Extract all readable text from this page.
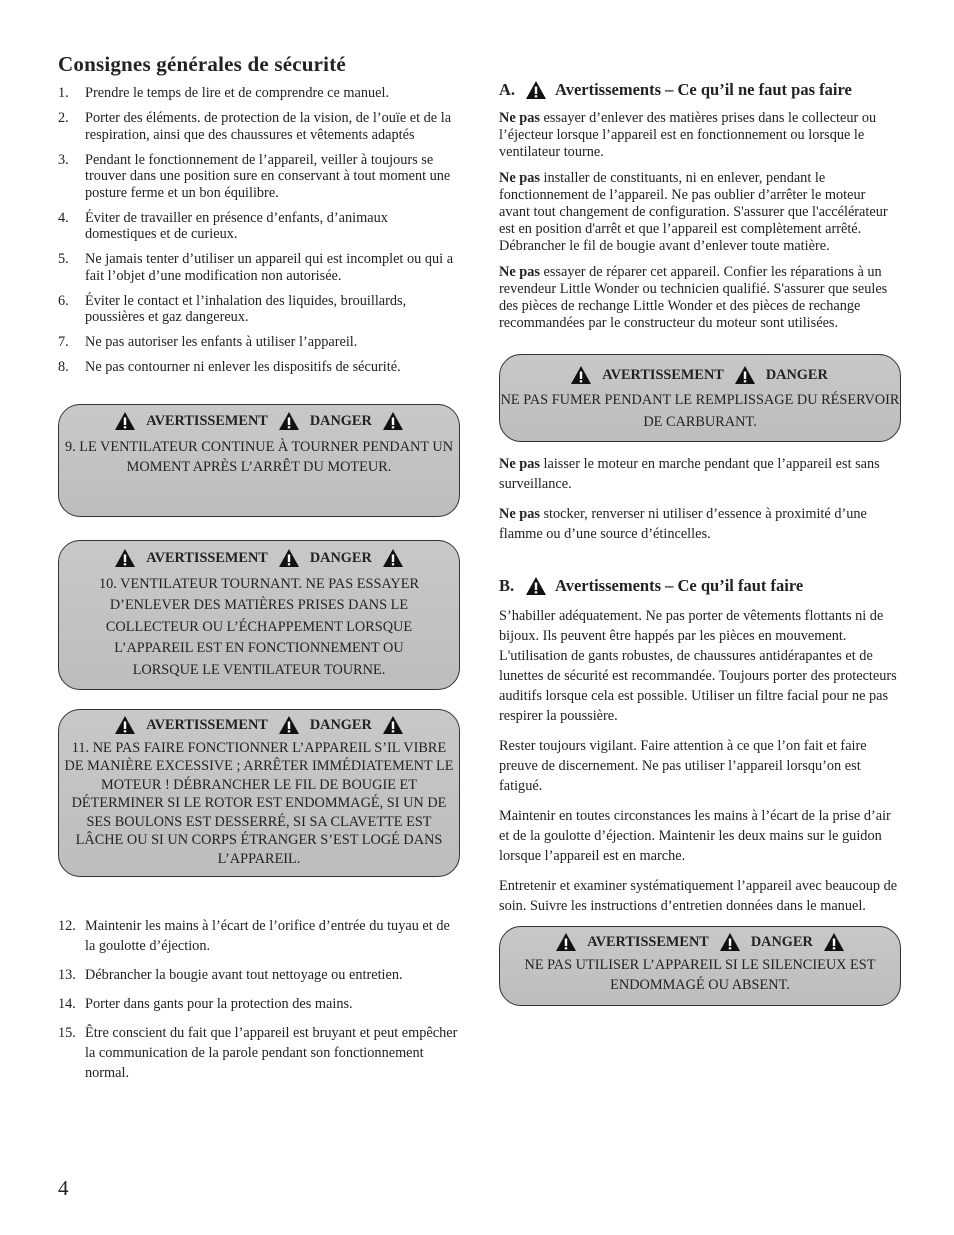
Consignes générales de sécurité
1.	Prendre le temps de lire et de comprendre ce manuel.
2.	Porter des éléments. de protection de la vision, de l’ouïe et de la respiration, ainsi que des chaussures et vêtements adaptés
3.	Pendant le fonctionnement de l’appareil, veiller à toujours se trouver dans une position sure en conservant à tout moment une posture ferme et un bon équilibre.
4.	Éviter de travailler en présence d’enfants, d’animaux domestiques et de curieux.
5.	Ne jamais tenter d’utiliser un appareil qui est incomplet ou qui a fait l’objet d’une modification non autorisée.
6.	Éviter le contact et l’inhalation des liquides, brouillards, poussières et gaz dangereux.
7.	Ne pas autoriser les enfants à utiliser l’appareil.
8.	Ne pas contourner ni enlever les dispositifs de sécurité.
AVERTISSEMENT	DANGER
9. LE VENTILATEUR CONTINUE À TOURNER PENDANT UN MOMENT APRÈS L’ARRÊT DU MOTEUR.
AVERTISSEMENT	DANGER
10. VENTILATEUR TOURNANT. NE PAS ESSAYER D’ENLEVER DES MATIÈRES PRISES DANS LE COLLECTEUR OU L’ÉCHAPPEMENT LORSQUE L’APPAREIL EST EN FONCTIONNEMENT OU LORSQUE LE VENTILATEUR TOURNE.
AVERTISSEMENT	DANGER
11. NE PAS FAIRE FONCTIONNER L’APPAREIL S’IL VIBRE DE MANIÈRE EXCESSIVE ; ARRÊTER IMMÉDIATEMENT LE MOTEUR ! DÉBRANCHER LE FIL DE BOUGIE ET DÉTERMINER SI LE ROTOR EST ENDOMMAGÉ, SI UN DE SES BOULONS EST DESSERRÉ, SI SA CLAVETTE EST LÂCHE OU SI UN CORPS ÉTRANGER S’EST LOGÉ DANS L’APPAREIL.
12. Maintenir les mains à l’écart de l’orifice d’entrée du tuyau et de la goulotte d’éjection.
13. Débrancher la bougie avant tout nettoyage ou entretien.
14. Porter dans gants pour la protection des mains.
15. Être conscient du fait que l’appareil est bruyant et peut empêcher la communication de la parole pendant son fonctionnement normal.
A.	Avertissements – Ce qu’il ne faut pas faire

Ne pas essayer d’enlever des matières prises dans le collecteur ou l’éjecteur lorsque l’appareil est en fonctionnement ou lorsque le ventilateur tourne.

Ne pas installer de constituants, ni en enlever, pendant le fonctionnement de l’appareil. Ne pas oublier d’arrêter le moteur avant tout changement de configuration. S'assurer que l'accélérateur est en position d'arrêt et que l’appareil est complètement arrêté. Débrancher le fil de bougie avant d’enlever toute matière.

Ne pas essayer de réparer cet appareil. Confier les réparations à un revendeur Little Wonder ou technicien qualifié. S'assurer que seules des pièces de rechange Little Wonder et des pièces de rechange recommandées par le constructeur du moteur sont utilisées.

AVERTISSEMENT	DANGER
NE PAS FUMER PENDANT LE REMPLISSAGE DU RÉSERVOIR DE CARBURANT.

Ne pas laisser le moteur en marche pendant que l’appareil est sans surveillance.

Ne pas stocker, renverser ni utiliser d’essence à proximité d’une flamme ou d’une source d’étincelles.

B.	Avertissements – Ce qu’il faut faire

S’habiller adéquatement. Ne pas porter de vêtements flottants ni de bijoux. Ils peuvent être happés par les pièces en mouvement. L'utilisation de gants robustes, de chaussures antidérapantes et de lunettes de sécurité est recommandée. Toujours porter des protecteurs auditifs lorsque cela est possible. Utiliser un filtre facial pour ne pas respirer la poussière.

Rester toujours vigilant. Faire attention à ce que l’on fait et faire preuve de discernement. Ne pas utiliser l’appareil lorsqu’on est fatigué.

Maintenir en toutes circonstances les mains à l’écart de la prise d’air et de la goulotte d’éjection. Maintenir les deux mains sur le guidon lorsque l’appareil est en marche.

Entretenir et examiner systématiquement l’appareil avec beaucoup de soin. Suivre les instructions d’entretien données dans le manuel.

AVERTISSEMENT	DANGER
NE PAS UTILISER L’APPAREIL SI LE SILENCIEUX EST ENDOMMAGÉ OU ABSENT.
4
